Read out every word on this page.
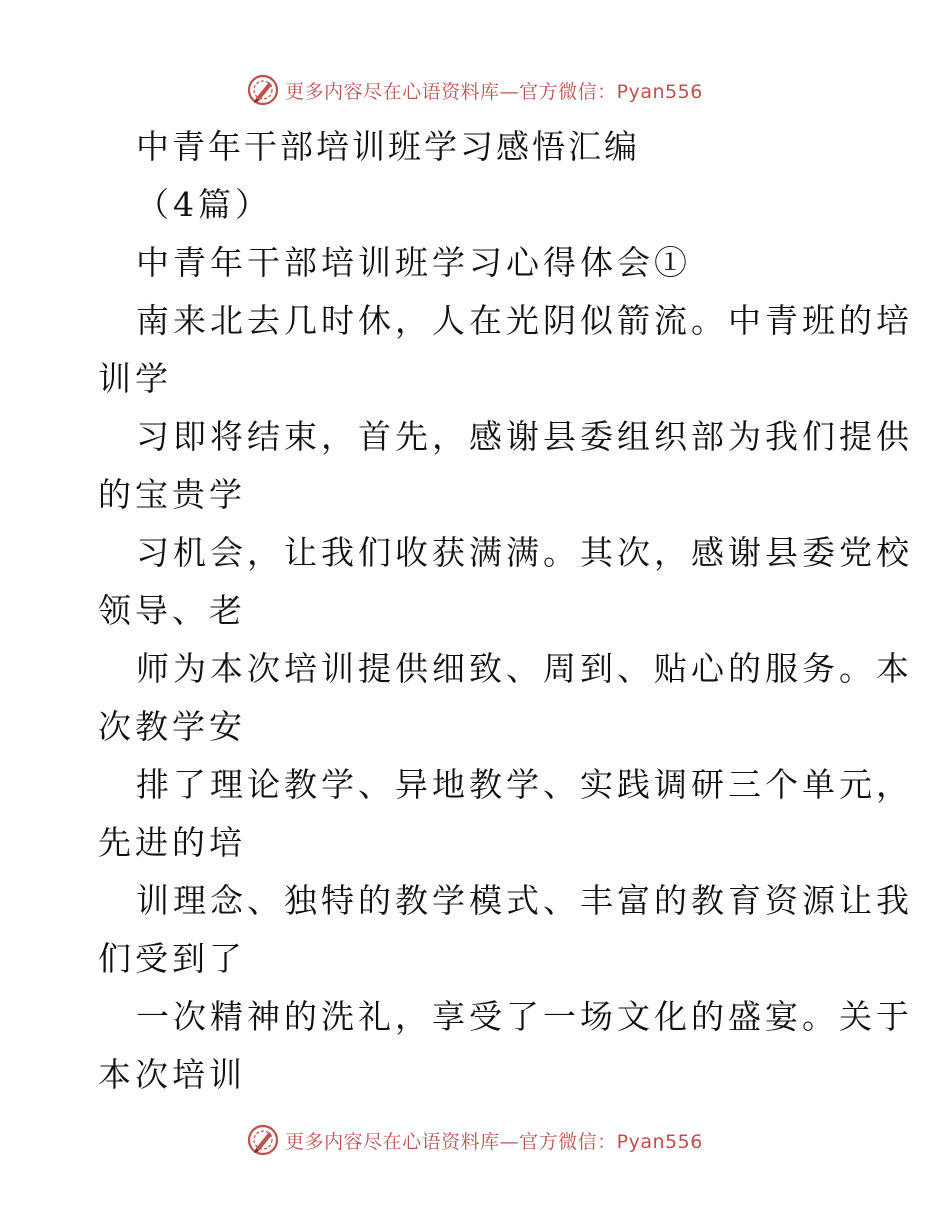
更多内容尽在心语资料库—官方微信：Pyan556
中青年干部培训班学习感悟汇编
（4篇）
中青年干部培训班学习心得体会①
南来北去几时休，人在光阴似箭流。中青班的培
训学
习即将结束，首先，感谢县委组织部为我们提供
的宝贵学
习机会，让我们收获满满。其次，感谢县委党校
领导、老
师为本次培训提供细致、周到、贴心的服务。本
次教学安
排了理论教学、异地教学、实践调研三个单元，
先进的培
训理念、独特的教学模式、丰富的教育资源让我
们受到了
一次精神的洗礼，享受了一场文化的盛宴。关于
本次培训
更多内容尽在心语资料库—官方微信：Pyan556
